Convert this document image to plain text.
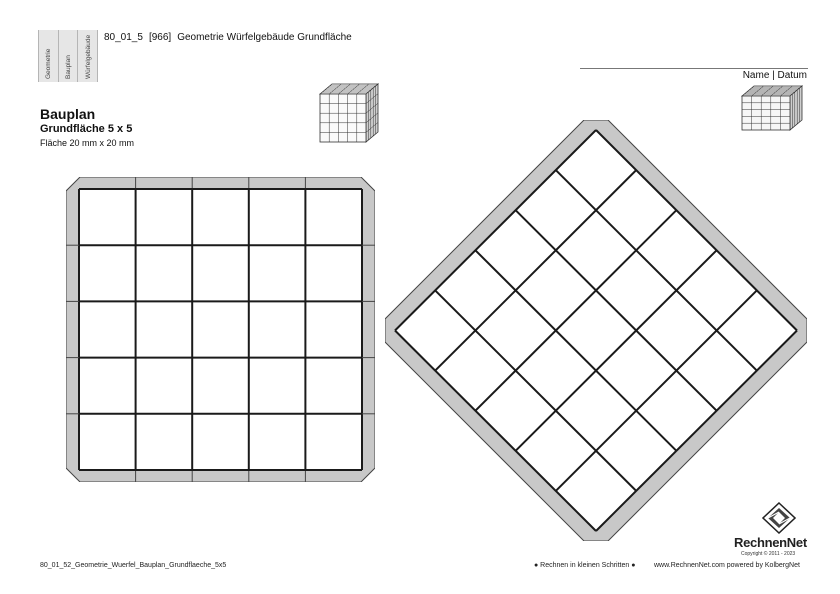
Geometrie Bauplan Würfelgebäude 80_01_5 [966] Geometrie Würfelgebäude Grundfläche
Name | Datum
Bauplan
Grundfläche 5 x 5
Fläche 20 mm x 20 mm
80_01_52_Geometrie_Wuerfel_Bauplan_Grundflaeche_5x5	● Rechnen in kleinen Schritten ●	www.RechnenNet.com powered by KolbergNet
RechnenNet
Copyright © 2011 - 2023
